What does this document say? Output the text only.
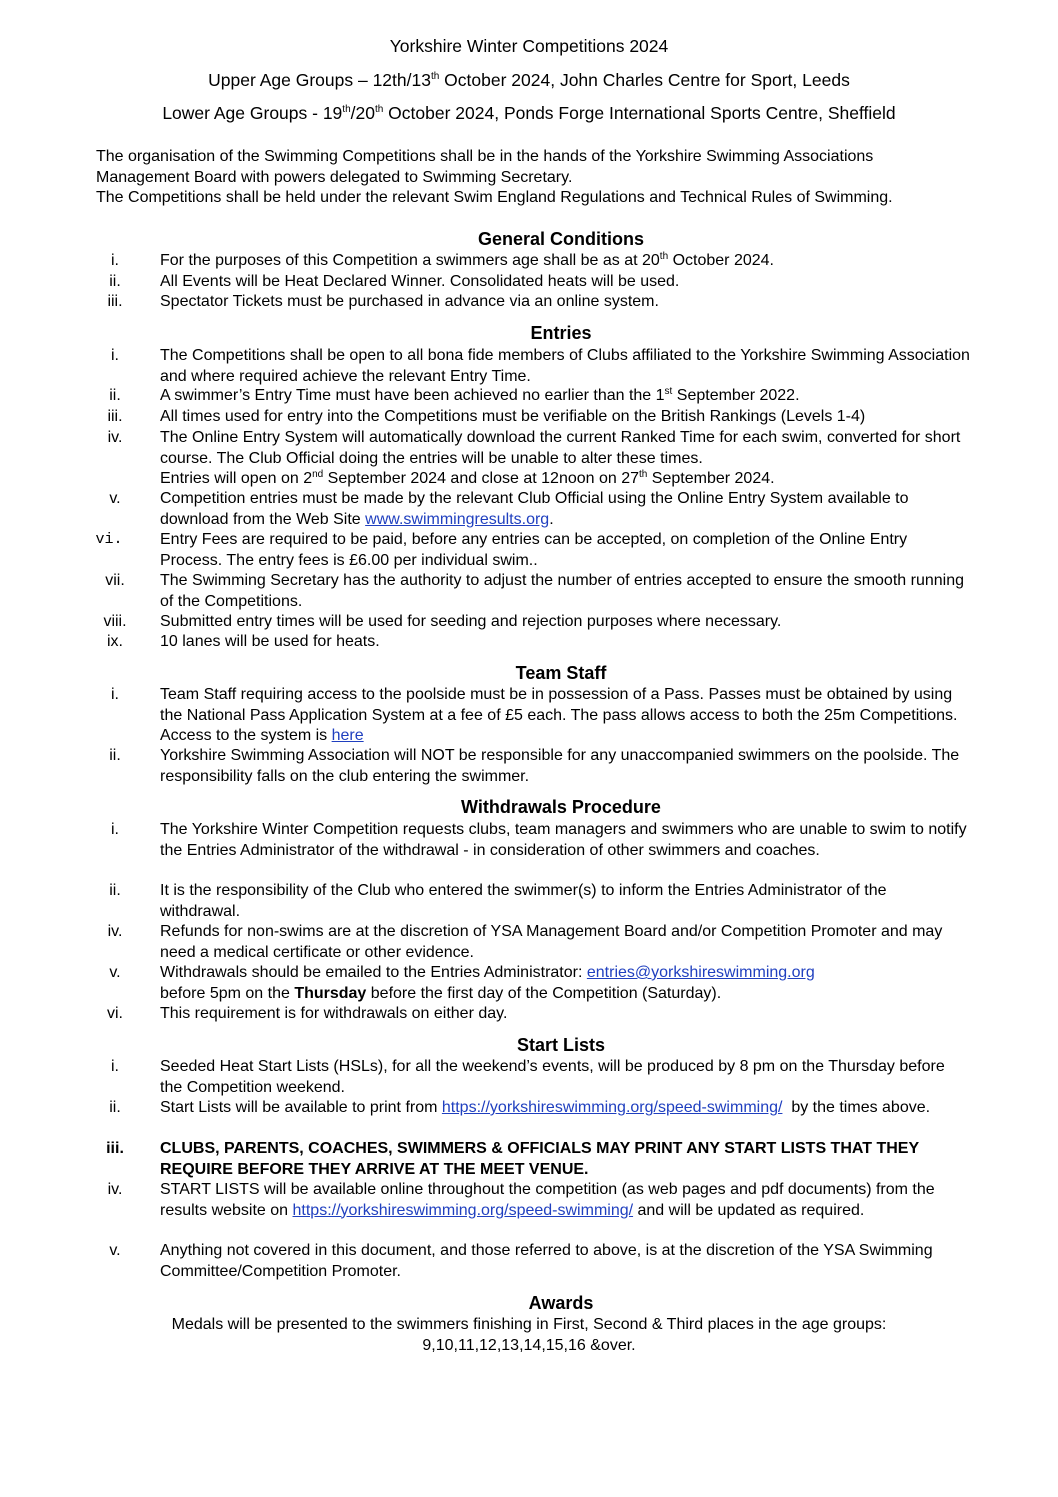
Yorkshire Winter Competitions 2024
Upper Age Groups – 12th/13th October 2024, John Charles Centre for Sport, Leeds
Lower Age Groups - 19th/20th October 2024, Ponds Forge International Sports Centre, Sheffield
The organisation of the Swimming Competitions shall be in the hands of the Yorkshire Swimming Associations Management Board with powers delegated to Swimming Secretary.
The Competitions shall be held under the relevant Swim England Regulations and Technical Rules of Swimming.
General Conditions
i.	For the purposes of this Competition a swimmers age shall be as at 20th October 2024.
ii.	All Events will be Heat Declared Winner. Consolidated heats will be used.
iii.	Spectator Tickets must be purchased in advance via an online system.
Entries
i.	The Competitions shall be open to all bona fide members of Clubs affiliated to the Yorkshire Swimming Association and where required achieve the relevant Entry Time.
ii.	A swimmer’s Entry Time must have been achieved no earlier than the 1st September 2022.
iii.	All times used for entry into the Competitions must be verifiable on the British Rankings (Levels 1-4)
iv.	The Online Entry System will automatically download the current Ranked Time for each swim, converted for short course. The Club Official doing the entries will be unable to alter these times.
Entries will open on 2nd September 2024 and close at 12noon on 27th September 2024.
v.	Competition entries must be made by the relevant Club Official using the Online Entry System available to download from the Web Site www.swimmingresults.org.
vi.	Entry Fees are required to be paid, before any entries can be accepted, on completion of the Online Entry Process. The entry fees is £6.00 per individual swim..
vii.	The Swimming Secretary has the authority to adjust the number of entries accepted to ensure the smooth running of the Competitions.
viii.	Submitted entry times will be used for seeding and rejection purposes where necessary.
ix.	10 lanes will be used for heats.
Team Staff
i.	Team Staff requiring access to the poolside must be in possession of a Pass. Passes must be obtained by using the National Pass Application System at a fee of £5 each. The pass allows access to both the 25m Competitions. Access to the system is here
ii.	Yorkshire Swimming Association will NOT be responsible for any unaccompanied swimmers on the poolside. The responsibility falls on the club entering the swimmer.
Withdrawals Procedure
i.	The Yorkshire Winter Competition requests clubs, team managers and swimmers who are unable to swim to notify the Entries Administrator of the withdrawal - in consideration of other swimmers and coaches.
ii.	It is the responsibility of the Club who entered the swimmer(s) to inform the Entries Administrator of the withdrawal.
iv.	Refunds for non-swims are at the discretion of YSA Management Board and/or Competition Promoter and may need a medical certificate or other evidence.
v.	Withdrawals should be emailed to the Entries Administrator: entries@yorkshireswimming.org
before 5pm on the Thursday before the first day of the Competition (Saturday).
vi.	This requirement is for withdrawals on either day.
Start Lists
i.	Seeded Heat Start Lists (HSLs), for all the weekend’s events, will be produced by 8 pm on the Thursday before the Competition weekend.
ii.	Start Lists will be available to print from https://yorkshireswimming.org/speed-swimming/  by the times above.
iii.	CLUBS, PARENTS, COACHES, SWIMMERS & OFFICIALS MAY PRINT ANY START LISTS THAT THEY REQUIRE BEFORE THEY ARRIVE AT THE MEET VENUE.
iv.	START LISTS will be available online throughout the competition (as web pages and pdf documents) from the results website on https://yorkshireswimming.org/speed-swimming/ and will be updated as required.
v.	Anything not covered in this document, and those referred to above, is at the discretion of the YSA Swimming Committee/Competition Promoter.
Awards
Medals will be presented to the swimmers finishing in First, Second & Third places in the age groups: 9,10,11,12,13,14,15,16 &over.
